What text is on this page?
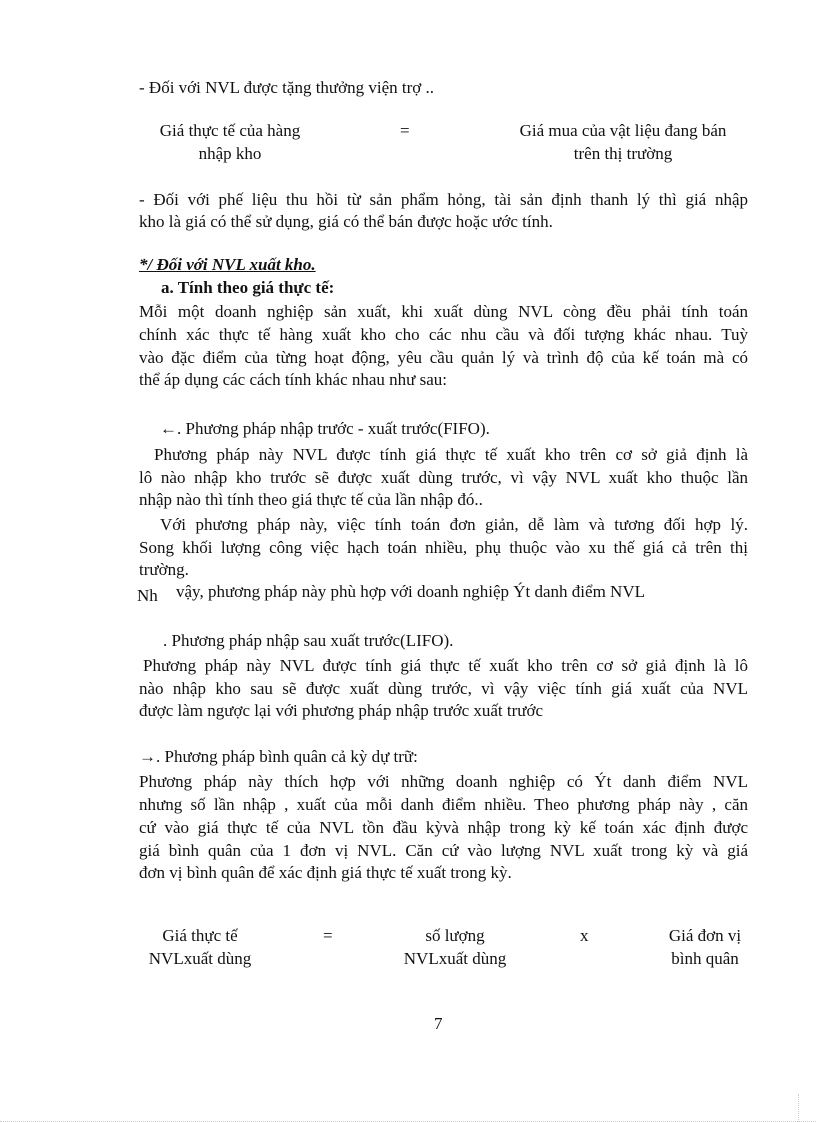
- Đối với NVL được tặng thưởng viện trợ ..
Giá thực tế của hàng
nhập kho
=	Giá mua của vật liệu đang bán
trên thị trường
- Đối với phế liệu thu hồi từ sản phẩm hỏng, tài sản định thanh lý thì giá nhập
kho là giá có thể sử dụng, giá có thể bán được hoặc ước tính.
*/ Đối với NVL xuất kho.
a. Tính theo giá thực tế:
Mỗi một doanh nghiệp sản xuất, khi xuất dùng NVL còng đều phải tính toán
chính xác thực tế hàng xuất kho cho các nhu cầu và đối tượng khác nhau. Tuỳ
vào đặc điểm của từng hoạt động, yêu cầu quản lý và trình độ của kế toán mà có
thể áp dụng các cách tính khác nhau như sau:
←. Phương pháp nhập trước - xuất trước(FIFO).
Phương pháp này NVL được tính giá thực tế xuất kho trên cơ sở giả định là
lô nào nhập kho trước sẽ được xuất dùng trước, vì vậy NVL xuất kho thuộc lần
nhập nào thì tính theo giá thực tế của lần nhập đó..
Với phương pháp này, việc tính toán đơn giản, dễ làm và tương đối hợp lý.
Song khối lượng công việc hạch toán nhiều, phụ thuộc vào xu thế giá cả trên thị
trường.
Nh vậy, phương pháp này phù hợp với doanh nghiệp Ýt danh điểm NVL
. Phương pháp nhập sau xuất trước(LIFO).
Phương pháp này NVL được tính giá thực tế xuất kho trên cơ sở giả định là lô
nào nhập kho sau sẽ được xuất dùng trước, vì vậy việc tính giá xuất của NVL
được làm ngược lại với phương pháp nhập trước xuất trước
→. Phương pháp bình quân cả kỳ dự trữ:
Phương pháp này thích hợp với những doanh nghiệp có Ýt danh điểm NVL
nhưng số lần nhập , xuất của mỗi danh điểm nhiều. Theo phương pháp này , căn
cứ vào giá thực tế của NVL tồn đầu kỳvà nhập trong kỳ kế toán xác định được
giá bình quân của 1 đơn vị NVL. Căn cứ vào lượng NVL xuất trong kỳ và giá
đơn vị bình quân để xác định giá thực tế xuất trong kỳ.
Giá thực tế
NVLxuất dùng
=	số lượng
NVLxuất dùng
x	Giá đơn vị
bình quân
7
